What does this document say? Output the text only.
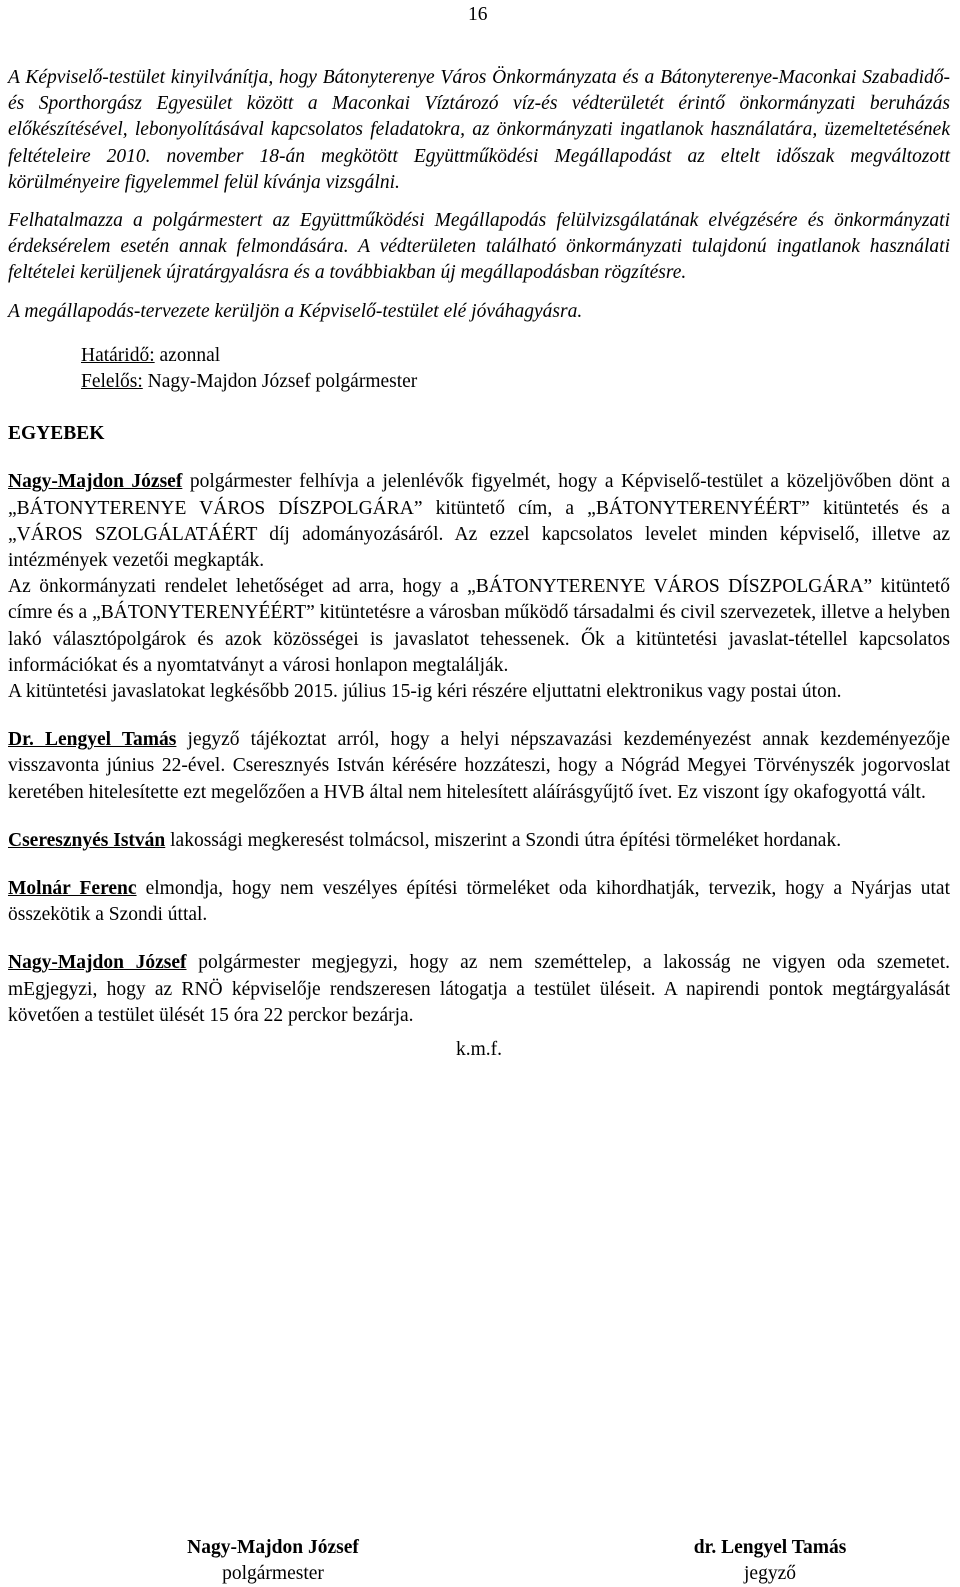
16

A Képviselő-testület kinyilvánítja, hogy Bátonyterenye Város Önkormányzata és a Bátonyterenye-Maconkai Szabadidő- és Sporthorgász Egyesület között a Maconkai Víztározó víz-és védterületét érintő önkormányzati beruházás előkészítésével, lebonyolításával kapcsolatos feladatokra, az önkormányzati ingatlanok használatára, üzemeltetésének feltételeire 2010. november 18-án megkötött Együttműködési Megállapodást az eltelt időszak megváltozott körülményeire figyelemmel felül kívánja vizsgálni.

Felhatalmazza a polgármestert az Együttműködési Megállapodás felülvizsgálatának elvégzésére és önkormányzati érdeksérelem esetén annak felmondására. A védterületen található önkormányzati tulajdonú ingatlanok használati feltételei kerüljenek újratárgyalásra és a továbbiakban új megállapodásban rögzítésre.

A megállapodás-tervezete kerüljön a Képviselő-testület elé jóváhagyásra.

Határidő: azonnal

Felelős: Nagy-Majdon József polgármester

EGYEBEK

Nagy-Majdon József polgármester felhívja a jelenlévők figyelmét, hogy a Képviselő-testület a közeljövőben dönt a „BÁTONYTERENYE VÁROS DÍSZPOLGÁRA” kitüntető cím, a „BÁTONYTERENYÉÉRT” kitüntetés és a „VÁROS SZOLGÁLATÁÉRT díj adományozásáról. Az ezzel kapcsolatos levelet minden képviselő, illetve az intézmények vezetői megkapták.

Az önkormányzati rendelet lehetőséget ad arra, hogy a „BÁTONYTERENYE VÁROS DÍSZPOLGÁRA” kitüntető címre és a „BÁTONYTERENYÉÉRT” kitüntetésre a városban működő társadalmi és civil szervezetek, illetve a helyben lakó választópolgárok és azok közösségei is javaslatot tehessenek. Ők a kitüntetési javaslat-tétellel kapcsolatos információkat és a nyomtatványt a városi honlapon megtalálják.

A kitüntetési javaslatokat legkésőbb 2015. július 15-ig kéri részére eljuttatni elektronikus vagy postai úton.

Dr. Lengyel Tamás jegyző tájékoztat arról, hogy a helyi népszavazási kezdeményezést annak kezdeményezője visszavonta június 22-ével. Cseresznyés István kérésére hozzáteszi, hogy a Nógrád Megyei Törvényszék jogorvoslat keretében hitelesítette ezt megelőzően a HVB által nem hitelesített aláírásgyűjtő ívet. Ez viszont így okafogyottá vált.

Cseresznyés István lakossági megkeresést tolmácsol, miszerint a Szondi útra építési törmeléket hordanak.

Molnár Ferenc elmondja, hogy nem veszélyes építési törmeléket oda kihordhatják, tervezik, hogy a Nyárjas utat összekötik a Szondi úttal.

Nagy-Majdon József polgármester megjegyzi, hogy az nem szeméttelep, a lakosság ne vigyen oda szemetet. mEgjegyzi, hogy az RNÖ képviselője rendszeresen látogatja a testület üléseit. A napirendi pontok megtárgyalását követően a testület ülését 15 óra 22 perckor bezárja.

k.m.f.

Nagy-Majdon József
polgármester
dr. Lengyel Tamás
jegyző
